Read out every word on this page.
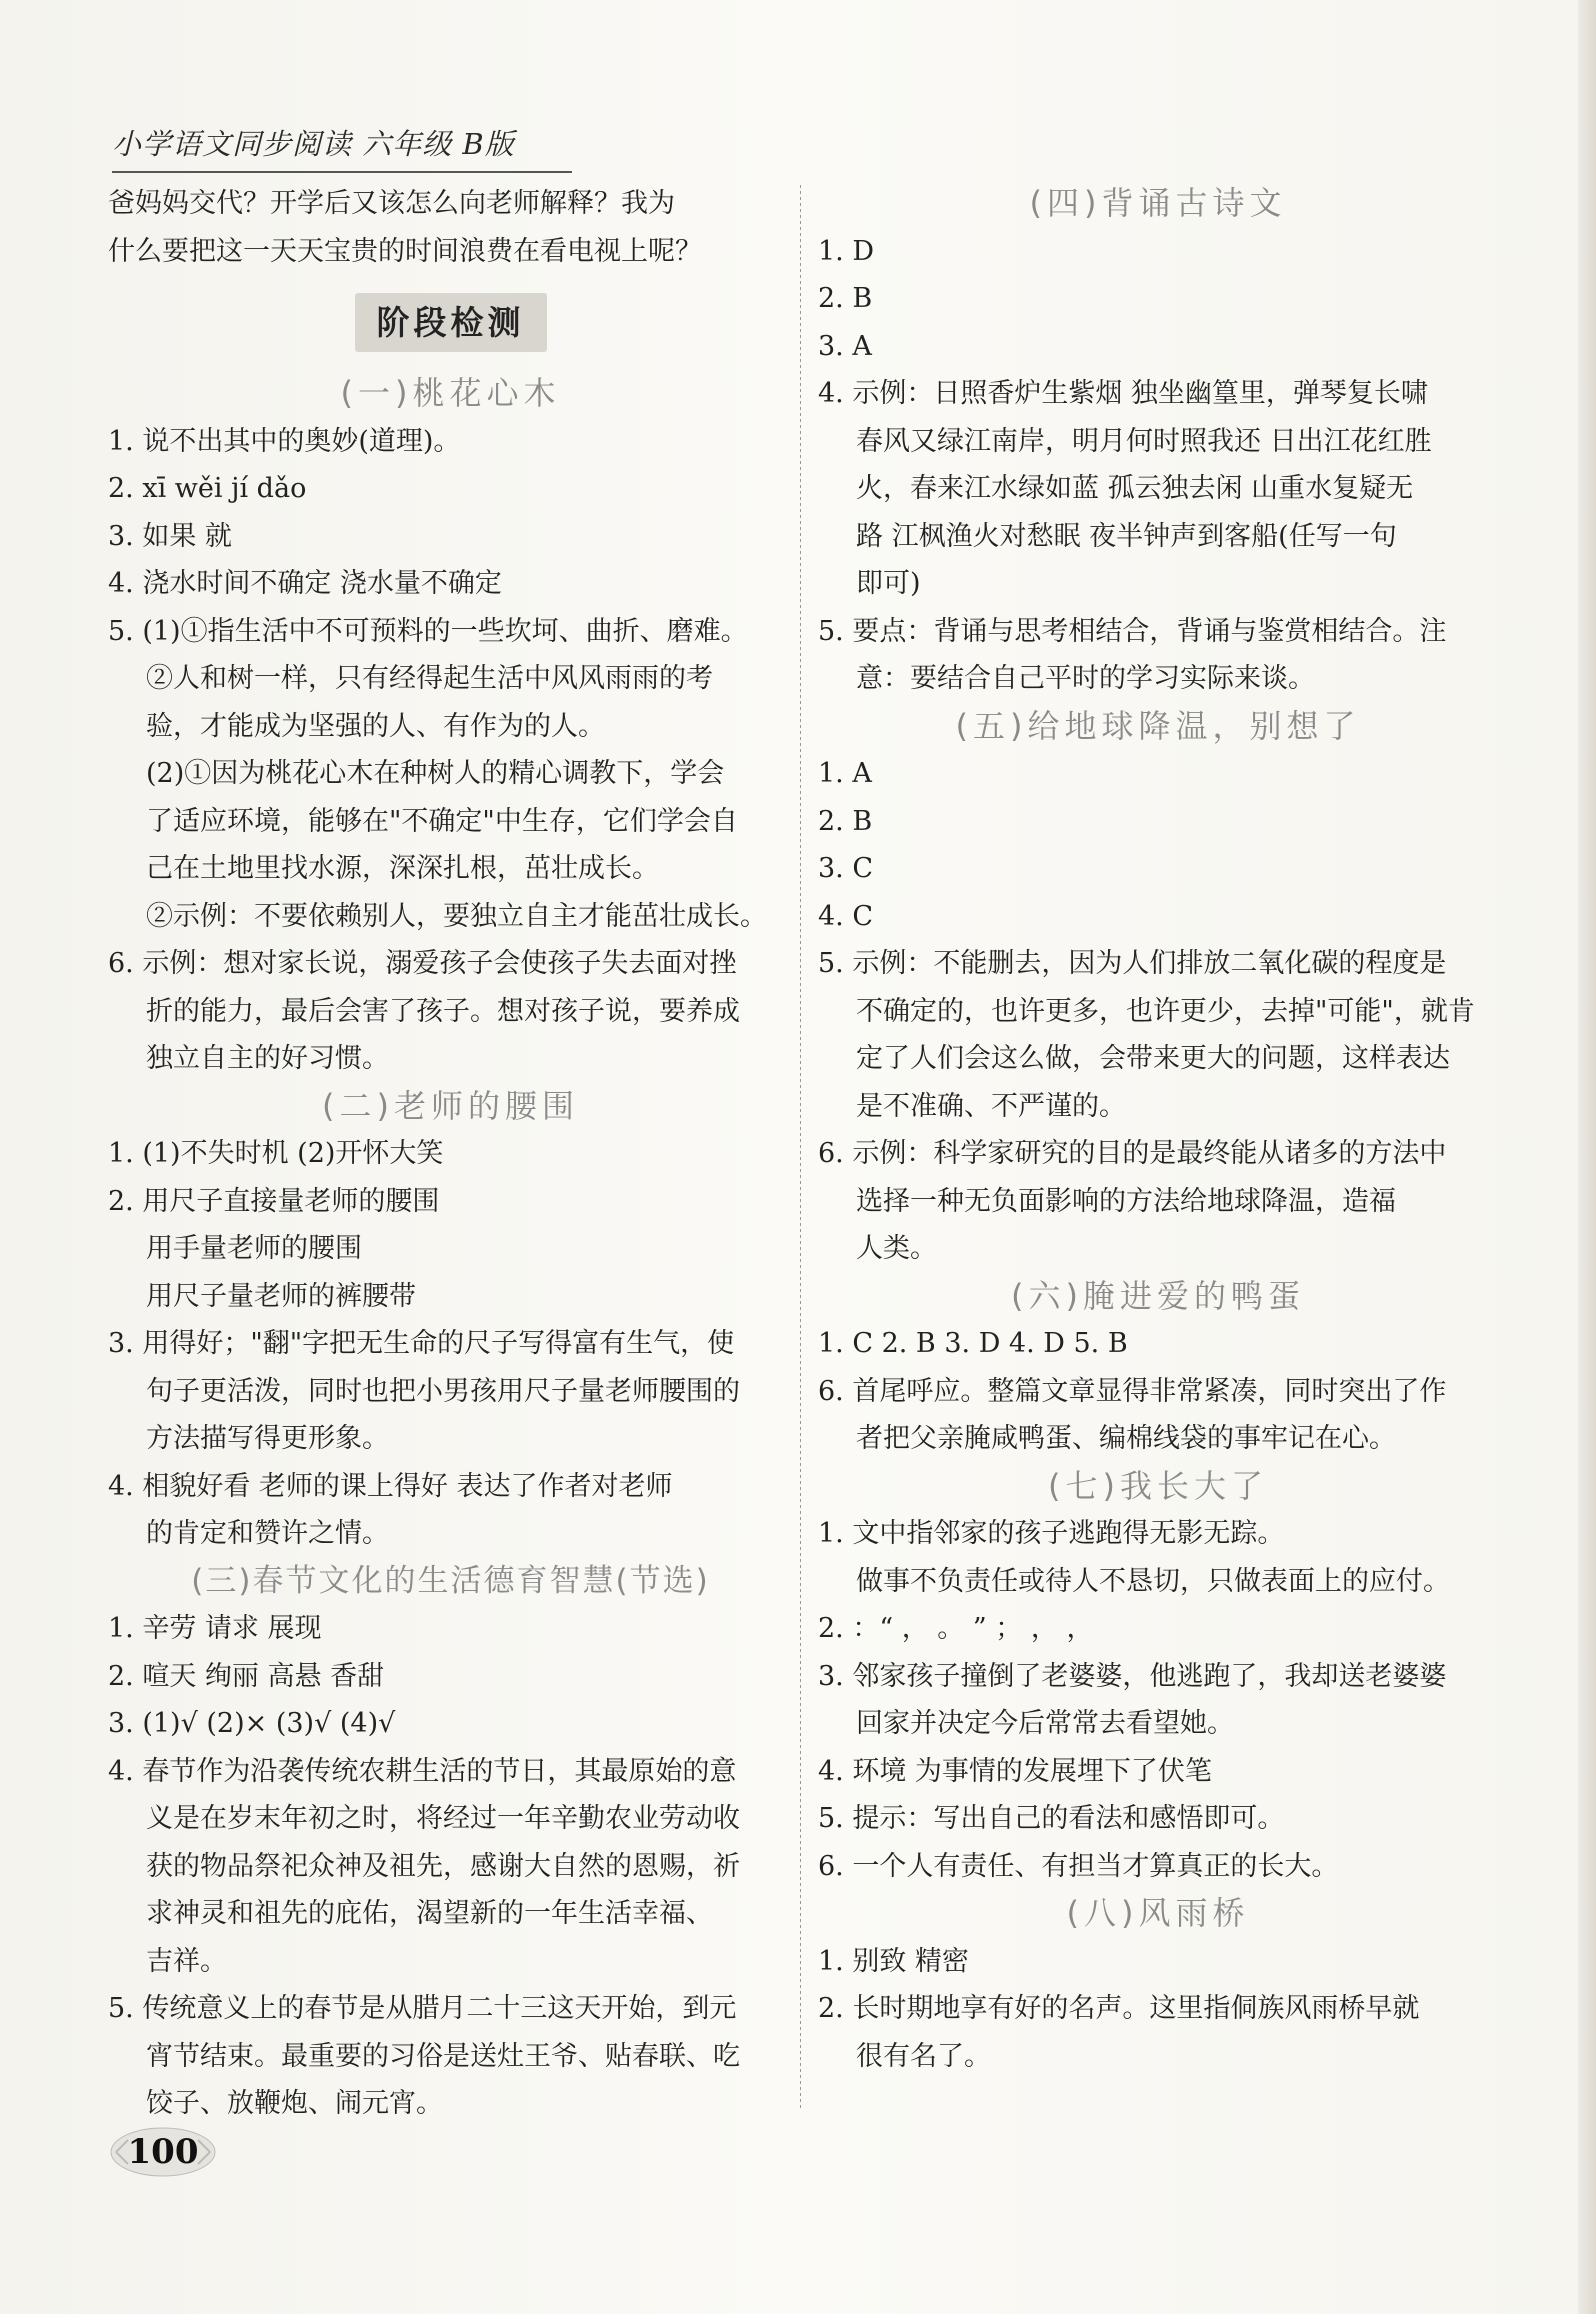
小学语文同步阅读 六年级 B版
爸妈妈交代？开学后又该怎么向老师解释？我为
什么要把这一天天宝贵的时间浪费在看电视上呢？
阶段检测
(一)桃花心木
1. 说不出其中的奥妙(道理)。
2. xī wěi jí dǎo
3. 如果 就
4. 浇水时间不确定 浇水量不确定
5. (1)①指生活中不可预料的一些坎坷、曲折、磨难。
②人和树一样，只有经得起生活中风风雨雨的考
验，才能成为坚强的人、有作为的人。
(2)①因为桃花心木在种树人的精心调教下，学会
了适应环境，能够在"不确定"中生存，它们学会自
己在土地里找水源，深深扎根，茁壮成长。
②示例：不要依赖别人，要独立自主才能茁壮成长。
6. 示例：想对家长说，溺爱孩子会使孩子失去面对挫
折的能力，最后会害了孩子。想对孩子说，要养成
独立自主的好习惯。
(二)老师的腰围
1. (1)不失时机 (2)开怀大笑
2. 用尺子直接量老师的腰围
用手量老师的腰围
用尺子量老师的裤腰带
3. 用得好；"翻"字把无生命的尺子写得富有生气，使
句子更活泼，同时也把小男孩用尺子量老师腰围的
方法描写得更形象。
4. 相貌好看 老师的课上得好 表达了作者对老师
的肯定和赞许之情。
(三)春节文化的生活德育智慧(节选)
1. 辛劳 请求 展现
2. 喧天 绚丽 高悬 香甜
3. (1)√ (2)× (3)√ (4)√
4. 春节作为沿袭传统农耕生活的节日，其最原始的意
义是在岁末年初之时，将经过一年辛勤农业劳动收
获的物品祭祀众神及祖先，感谢大自然的恩赐，祈
求神灵和祖先的庇佑，渴望新的一年生活幸福、
吉祥。
5. 传统意义上的春节是从腊月二十三这天开始，到元
宵节结束。最重要的习俗是送灶王爷、贴春联、吃
饺子、放鞭炮、闹元宵。
(四)背诵古诗文
1. D
2. B
3. A
4. 示例：日照香炉生紫烟 独坐幽篁里，弹琴复长啸
春风又绿江南岸，明月何时照我还 日出江花红胜
火，春来江水绿如蓝 孤云独去闲 山重水复疑无
路 江枫渔火对愁眠 夜半钟声到客船(任写一句
即可)
5. 要点：背诵与思考相结合，背诵与鉴赏相结合。注
意：要结合自己平时的学习实际来谈。
(五)给地球降温，别想了
1. A
2. B
3. C
4. C
5. 示例：不能删去，因为人们排放二氧化碳的程度是
不确定的，也许更多，也许更少，去掉"可能"，就肯
定了人们会这么做，会带来更大的问题，这样表达
是不准确、不严谨的。
6. 示例：科学家研究的目的是最终能从诸多的方法中
选择一种无负面影响的方法给地球降温，造福
人类。
(六)腌进爱的鸭蛋
1. C 2. B 3. D 4. D 5. B
6. 首尾呼应。整篇文章显得非常紧凑，同时突出了作
者把父亲腌咸鸭蛋、编棉线袋的事牢记在心。
(七)我长大了
1. 文中指邻家的孩子逃跑得无影无踪。
做事不负责任或待人不恳切，只做表面上的应付。
2. ：“ ， 。 ” ； ， ，
3. 邻家孩子撞倒了老婆婆，他逃跑了，我却送老婆婆
回家并决定今后常常去看望她。
4. 环境 为事情的发展埋下了伏笔
5. 提示：写出自己的看法和感悟即可。
6. 一个人有责任、有担当才算真正的长大。
(八)风雨桥
1. 别致 精密
2. 长时期地享有好的名声。这里指侗族风雨桥早就
很有名了。
100
